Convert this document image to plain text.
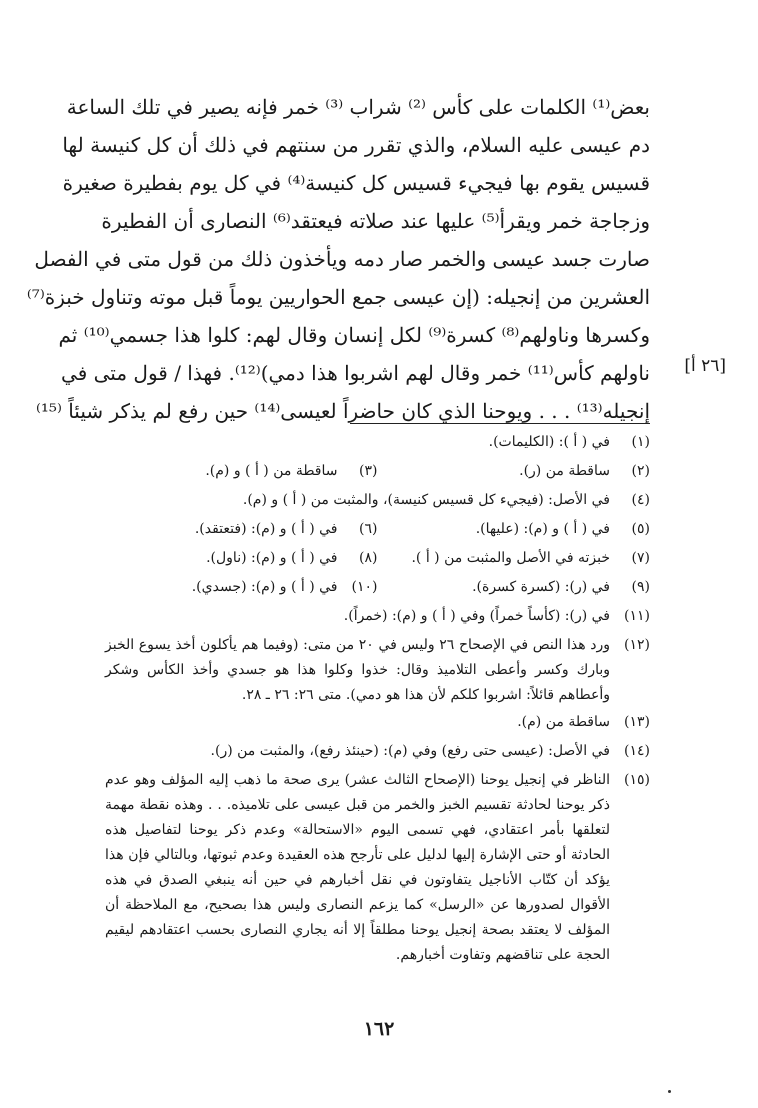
بعض⁽¹⁾ الكلمات على كأس ⁽²⁾ شراب ⁽³⁾ خمر فإنه يصير في تلك الساعة
دم عيسى عليه السلام، والذي تقرر من سنتهم في ذلك أن كل كنيسة لها
قسيس يقوم بها فيجيء قسيس كل كنيسة⁽⁴⁾ في كل يوم بفطيرة صغيرة
وزجاجة خمر ويقرأ⁽⁵⁾ عليها عند صلاته فيعتقد⁽⁶⁾ النصارى أن الفطيرة
صارت جسد عيسى والخمر صار دمه ويأخذون ذلك من قول متى في الفصل
العشرين من إنجيله: (إن عيسى جمع الحواريين يوماً قبل موته وتناول خبزة⁽⁷⁾
وكسرها وناولهم⁽⁸⁾ كسرة⁽⁹⁾ لكل إنسان وقال لهم: كلوا هذا جسمي⁽¹⁰⁾ ثم
ناولهم كأس⁽¹¹⁾ خمر وقال لهم اشربوا هذا دمي)⁽¹²⁾. فهذا / قول متى في
إنجيله⁽¹³⁾ . . . ويوحنا الذي كان حاضراً لعيسى⁽¹⁴⁾ حين رفع لم يذكر شيئاً ⁽¹⁵⁾
[٢٦ أ]
(١)
في ( أ ): (الكليمات).
(٢)
ساقطة من (ر).
(٣)
ساقطة من ( أ ) و (م).
(٤)
في الأصل: (فيجيء كل قسيس كنيسة)، والمثبت من ( أ ) و (م).
(٥)
في ( أ ) و (م): (عليها).
(٦)
في ( أ ) و (م): (فتعتقد).
(٧)
خبزته في الأصل والمثبت من ( أ ).
(٨)
في ( أ ) و (م): (ناول).
(٩)
في (ر): (كسرة كسرة).
(١٠)
في ( أ ) و (م): (جسدي).
(١١)
في (ر): (كأساً خمراً) وفي ( أ ) و (م): (خمراً).
(١٢)
ورد هذا النص في الإصحاح ٢٦ وليس في ٢٠ من متى: (وفيما هم يأكلون أخذ يسوع الخبز وبارك وكسر وأعطى التلاميذ وقال: خذوا وكلوا هذا هو جسدي وأخذ الكأس وشكر وأعطاهم قائلاً: اشربوا كلكم لأن هذا هو دمي). متى ٢٦: ٢٦ ـ ٢٨.
(١٣)
ساقطة من (م).
(١٤)
في الأصل: (عيسى حتى رفع) وفي (م): (حينئذ رفع)، والمثبت من (ر).
(١٥)
الناظر في إنجيل يوحنا (الإصحاح الثالث عشر) يرى صحة ما ذهب إليه المؤلف وهو عدم ذكر يوحنا لحادثة تقسيم الخبز والخمر من قبل عيسى على تلاميذه. . . وهذه نقطة مهمة لتعلقها بأمر اعتقادي، فهي تسمى اليوم «الاستحالة» وعدم ذكر يوحنا لتفاصيل هذه الحادثة أو حتى الإشارة إليها لدليل على تأرجح هذه العقيدة وعدم ثبوتها، وبالتالي فإن هذا يؤكد أن كتّاب الأناجيل يتفاوتون في نقل أخبارهم في حين أنه ينبغي الصدق في هذه الأقوال لصدورها عن «الرسل» كما يزعم النصارى وليس هذا بصحيح، مع الملاحظة أن المؤلف لا يعتقد بصحة إنجيل يوحنا مطلقاً إلا أنه يجاري النصارى بحسب اعتقادهم ليقيم الحجة على تناقضهم وتفاوت أخبارهم.
١٦٢
